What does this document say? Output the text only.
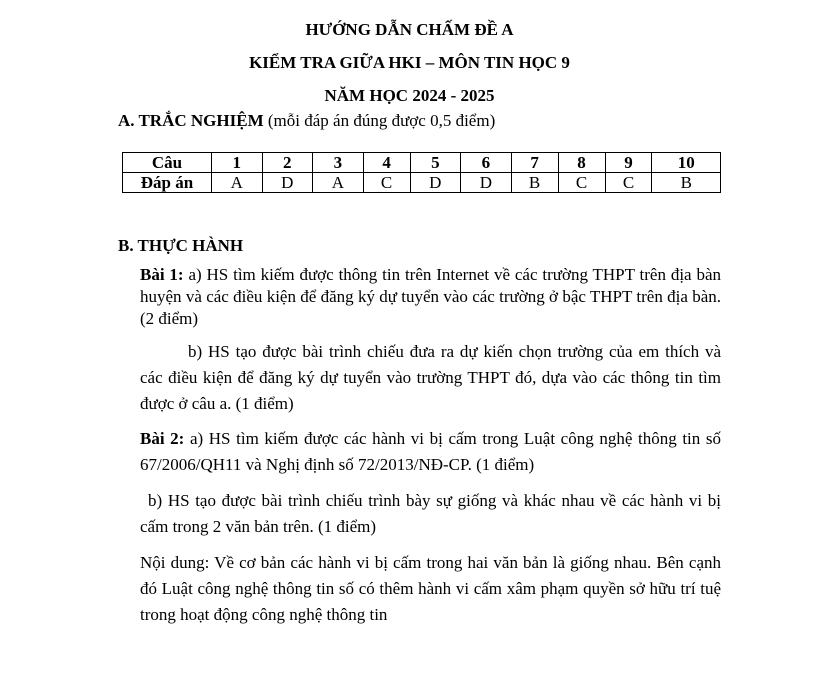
HƯỚNG DẪN CHẤM ĐỀ A
KIỂM TRA GIỮA HKI – MÔN TIN HỌC 9
NĂM HỌC 2024 - 2025
A. TRẮC NGHIỆM (mỗi đáp án đúng được 0,5 điểm)
Câu	1	2	3	4	5	6	7	8	9	10
Đáp án	A	D	A	C	D	D	B	C	C	B
B. THỰC HÀNH
Bài 1: a) HS tìm kiếm được thông tin trên Internet về các trường THPT trên địa bàn huyện và các điều kiện để đăng ký dự tuyển vào các trường ở bậc THPT trên địa bàn. (2 điểm)
b) HS tạo được bài trình chiếu đưa ra dự kiến chọn trường của em thích và các điều kiện để đăng ký dự tuyển vào trường THPT đó, dựa vào các thông tin tìm được ở câu a. (1 điểm)
Bài 2: a) HS tìm kiếm được các hành vi bị cấm trong Luật công nghệ thông tin số 67/2006/QH11 và Nghị định số 72/2013/NĐ-CP. (1 điểm)
b) HS tạo được bài trình chiếu trình bày sự giống và khác nhau về các hành vi bị cấm trong 2 văn bản trên. (1 điểm)
Nội dung: Về cơ bản các hành vi bị cấm trong hai văn bản là giống nhau. Bên cạnh đó Luật công nghệ thông tin số có thêm hành vi cấm xâm phạm quyền sở hữu trí tuệ trong hoạt động công nghệ thông tin
